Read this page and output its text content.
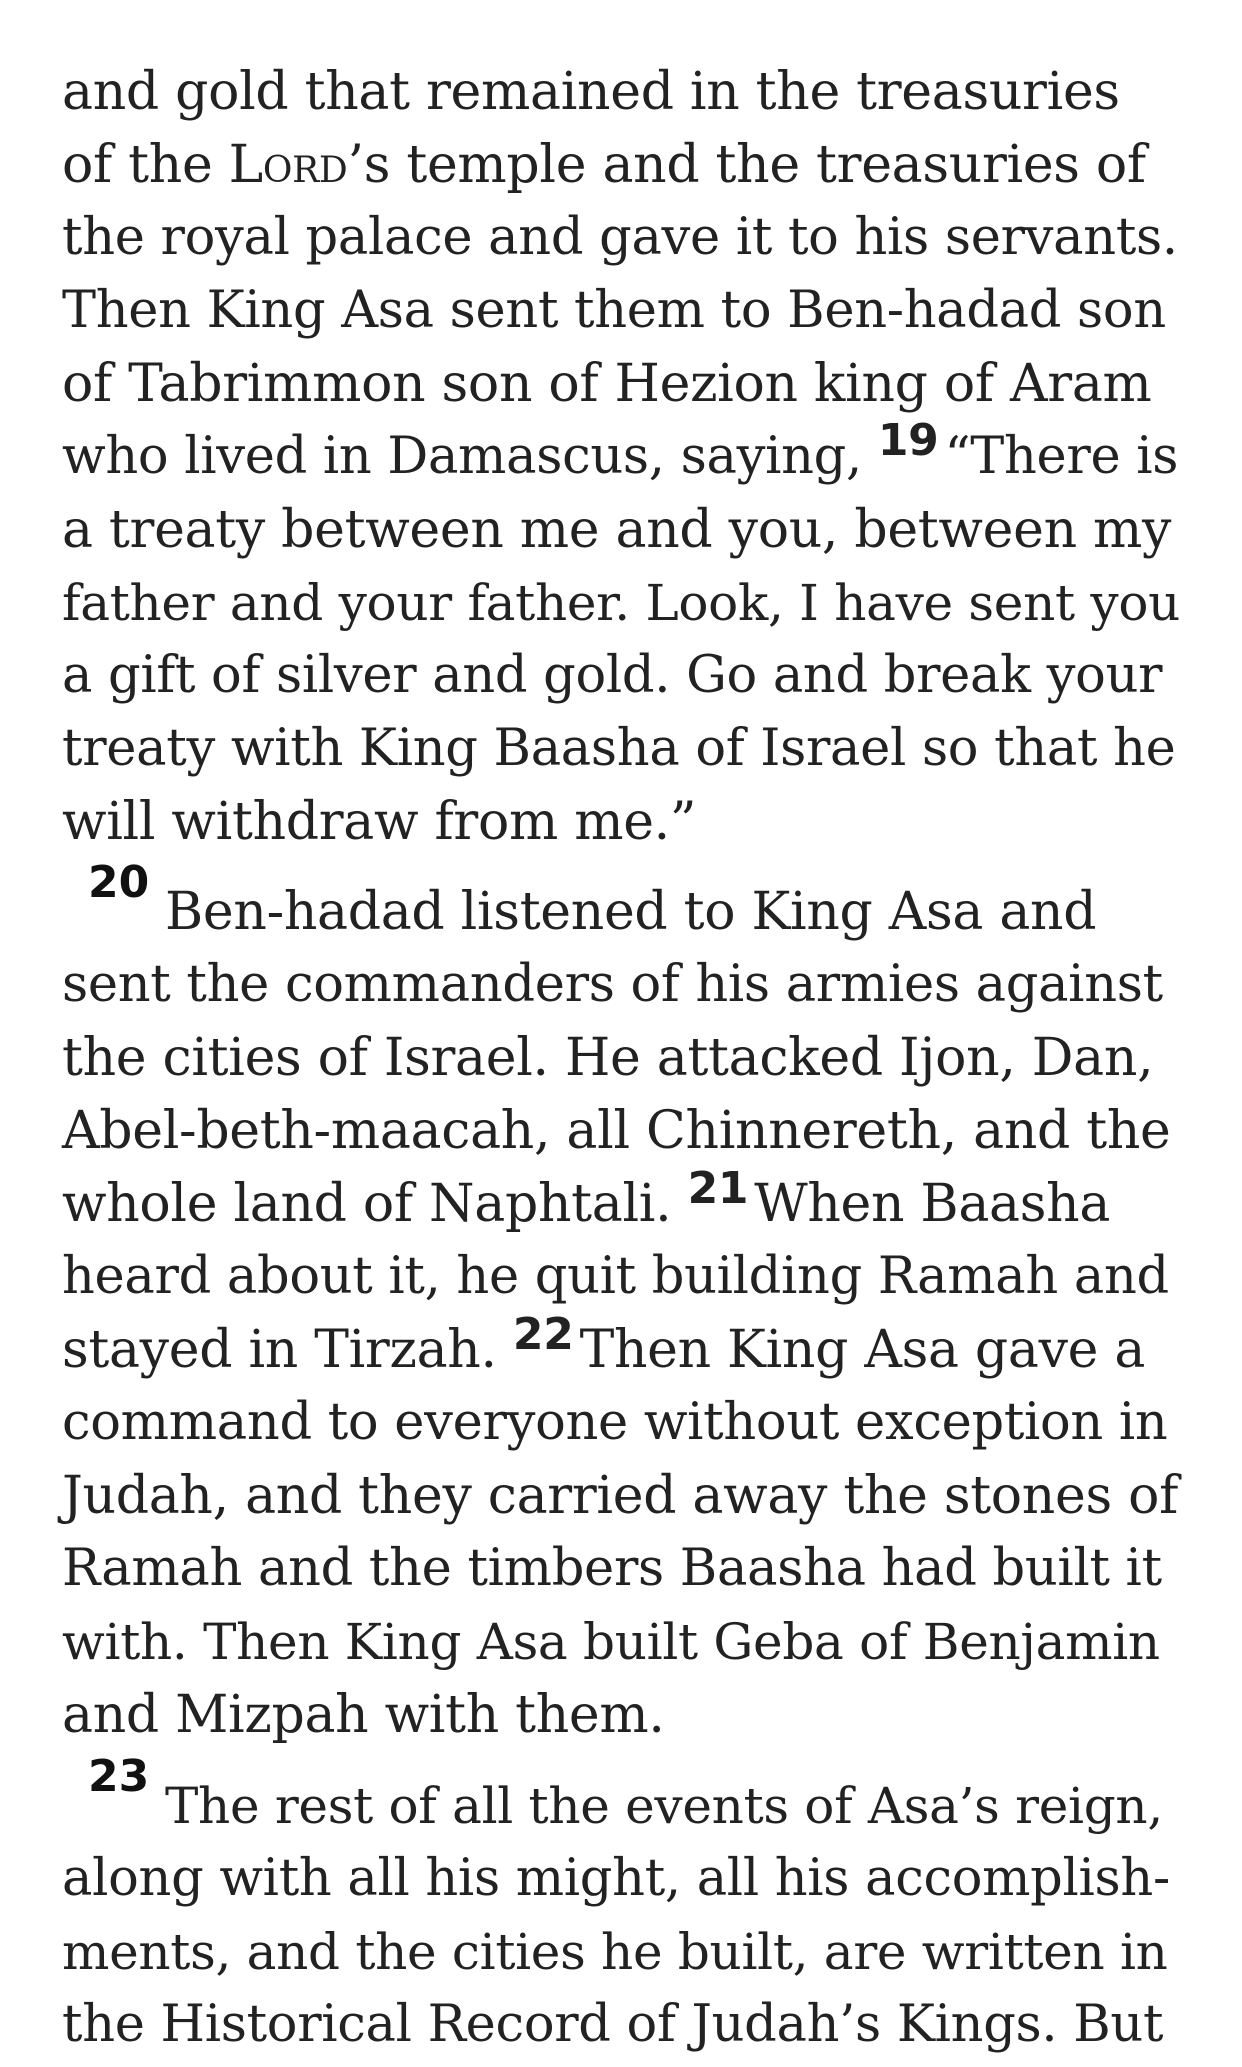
and gold that remained in the treasuries
of the Lord’s temple and the treasuries of
the royal palace and gave it to his servants.
Then King Asa sent them to Ben-hadad son
of Tabrimmon son of Hezion king of Aram
who lived in Damascus, saying, 19 “There is
a treaty between me and you, between my
father and your father. Look, I have sent you
a gift of silver and gold. Go and break your
treaty with King Baasha of Israel so that he
will withdraw from me.”
20 Ben-hadad listened to King Asa and
sent the commanders of his armies against
the cities of Israel. He attacked Ijon, Dan,
Abel-beth-maacah, all Chinnereth, and the
whole land of Naphtali. $^{21}$ When Baasha
heard about it, he quit building Ramah and
stayed in Tirzah. $^{22}$ Then King Asa gave a
command to everyone without exception in
Judah, and they carried away the stones of
Ramah and the timbers Baasha had built it
with. Then King Asa built Geba of Benjamin
and Mizpah with them.
23
The rest of all the events of Asa’s reign,
along with all his might, all his accomplish-
ments, and the cities he built, are written in
the Historical Record of Judah’s Kings. But
